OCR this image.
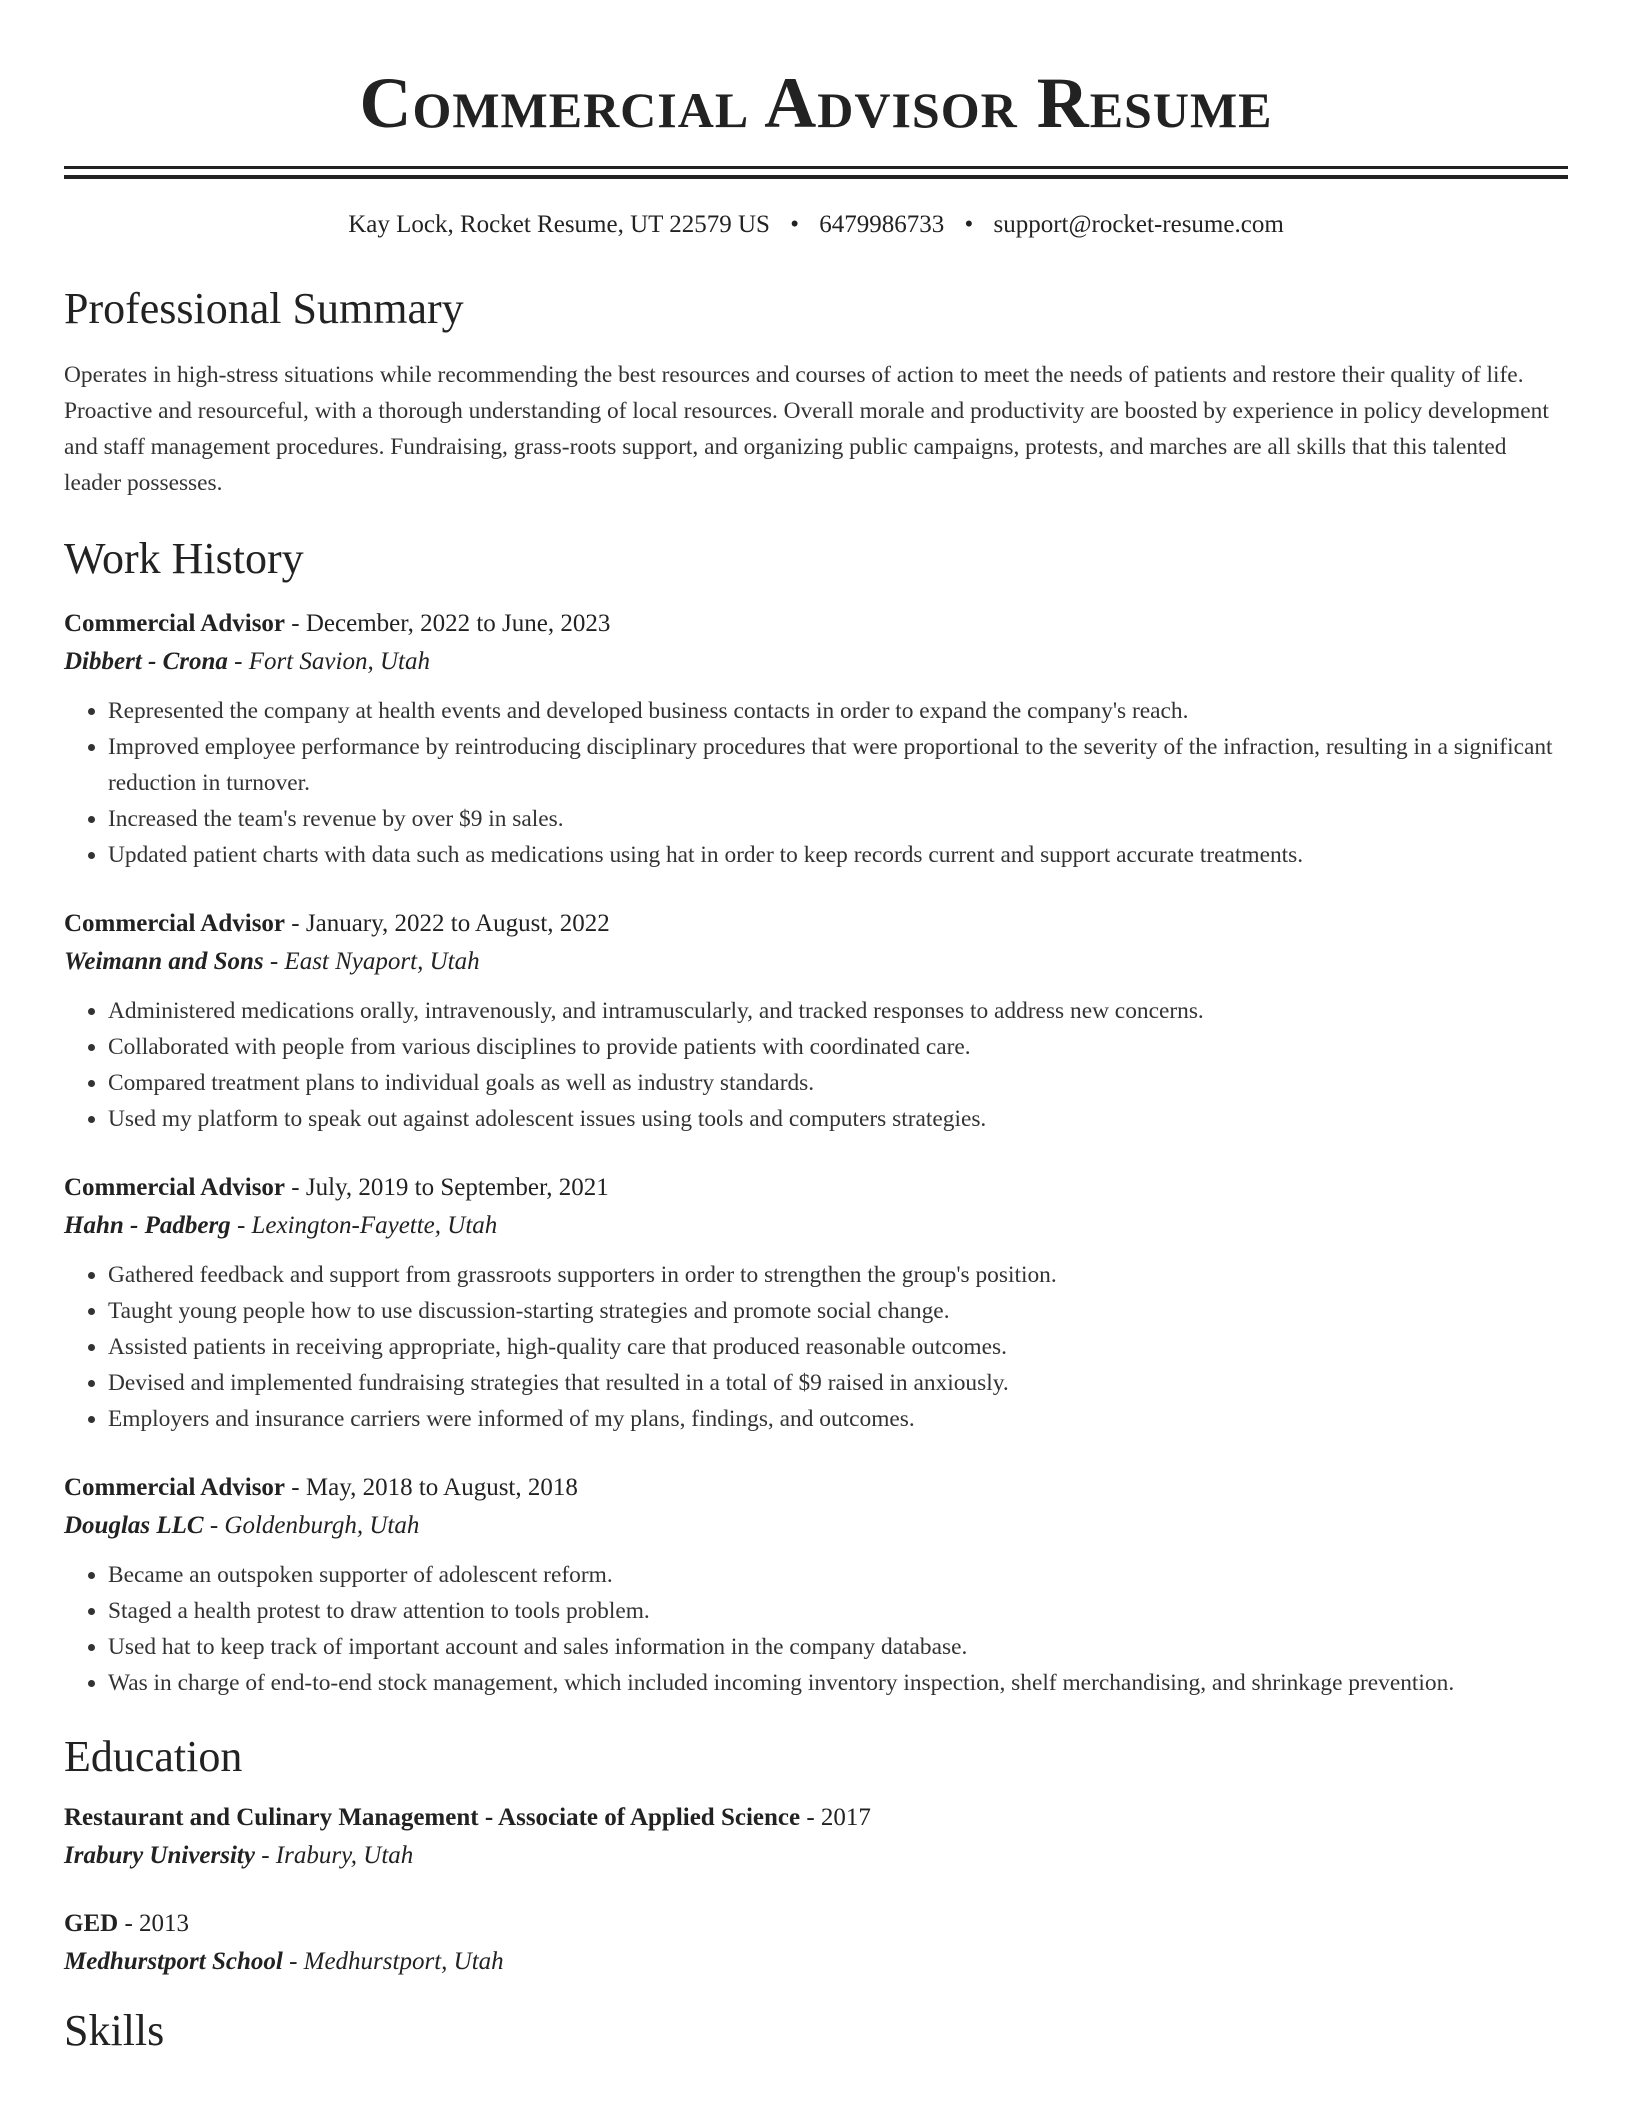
Commercial Advisor Resume
Kay Lock, Rocket Resume, UT 22579 US • 6479986733 • support@rocket-resume.com
Professional Summary

Operates in high-stress situations while recommending the best resources and courses of action to meet the needs of patients and restore their quality of life. Proactive and resourceful, with a thorough understanding of local resources. Overall morale and productivity are boosted by experience in policy development and staff management procedures. Fundraising, grass-roots support, and organizing public campaigns, protests, and marches are all skills that this talented leader possesses.

Work History
Commercial Advisor - December, 2022 to June, 2023
Dibbert - Crona - Fort Savion, Utah
• Represented the company at health events and developed business contacts in order to expand the company's reach.
• Improved employee performance by reintroducing disciplinary procedures that were proportional to the severity of the infraction, resulting in a significant reduction in turnover.
• Increased the team's revenue by over $9 in sales.
• Updated patient charts with data such as medications using hat in order to keep records current and support accurate treatments.
Commercial Advisor - January, 2022 to August, 2022
Weimann and Sons - East Nyaport, Utah
• Administered medications orally, intravenously, and intramuscularly, and tracked responses to address new concerns.
• Collaborated with people from various disciplines to provide patients with coordinated care.
• Compared treatment plans to individual goals as well as industry standards.
• Used my platform to speak out against adolescent issues using tools and computers strategies.
Commercial Advisor - July, 2019 to September, 2021
Hahn - Padberg - Lexington-Fayette, Utah
• Gathered feedback and support from grassroots supporters in order to strengthen the group's position.
• Taught young people how to use discussion-starting strategies and promote social change.
• Assisted patients in receiving appropriate, high-quality care that produced reasonable outcomes.
• Devised and implemented fundraising strategies that resulted in a total of $9 raised in anxiously.
• Employers and insurance carriers were informed of my plans, findings, and outcomes.
Commercial Advisor - May, 2018 to August, 2018
Douglas LLC - Goldenburgh, Utah
• Became an outspoken supporter of adolescent reform.
• Staged a health protest to draw attention to tools problem.
• Used hat to keep track of important account and sales information in the company database.
• Was in charge of end-to-end stock management, which included incoming inventory inspection, shelf merchandising, and shrinkage prevention.
Education
Restaurant and Culinary Management - Associate of Applied Science - 2017
Irabury University - Irabury, Utah
GED - 2013
Medhurstport School - Medhurstport, Utah
Skills
